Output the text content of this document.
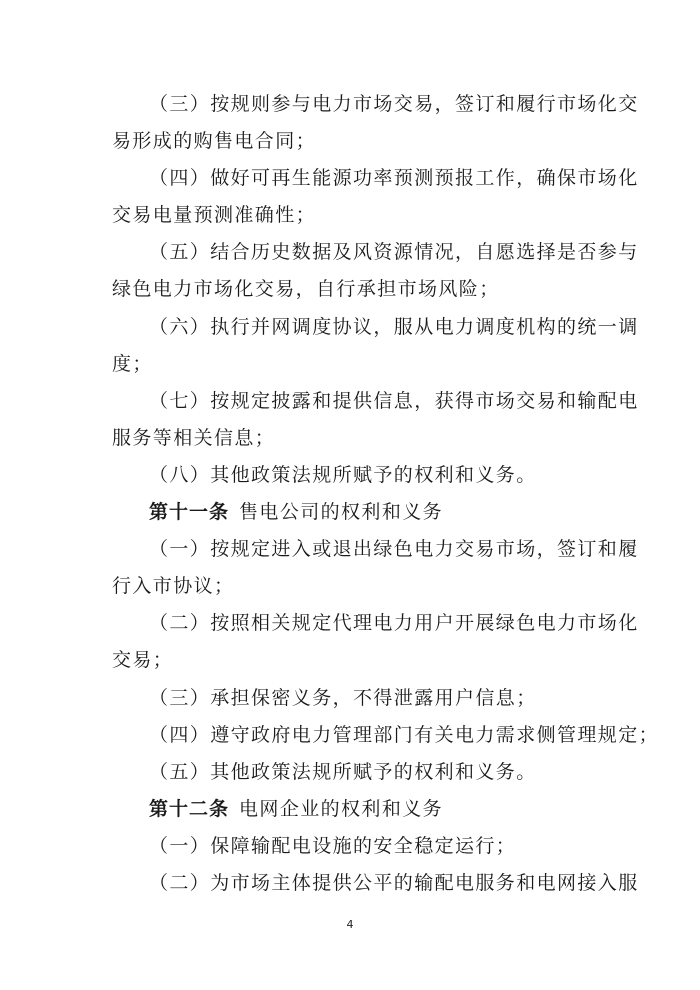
（三）按规则参与电力市场交易，签订和履行市场化交
易形成的购售电合同；
（四）做好可再生能源功率预测预报工作，确保市场化
交易电量预测准确性；
（五）结合历史数据及风资源情况，自愿选择是否参与
绿色电力市场化交易，自行承担市场风险；
（六）执行并网调度协议，服从电力调度机构的统一调
度；
（七）按规定披露和提供信息，获得市场交易和输配电
服务等相关信息；
（八）其他政策法规所赋予的权利和义务。
第十一条 售电公司的权利和义务
（一）按规定进入或退出绿色电力交易市场，签订和履
行入市协议；
（二）按照相关规定代理电力用户开展绿色电力市场化
交易；
（三）承担保密义务，不得泄露用户信息；
（四）遵守政府电力管理部门有关电力需求侧管理规定；
（五）其他政策法规所赋予的权利和义务。
第十二条 电网企业的权利和义务
（一）保障输配电设施的安全稳定运行；
（二）为市场主体提供公平的输配电服务和电网接入服
4
